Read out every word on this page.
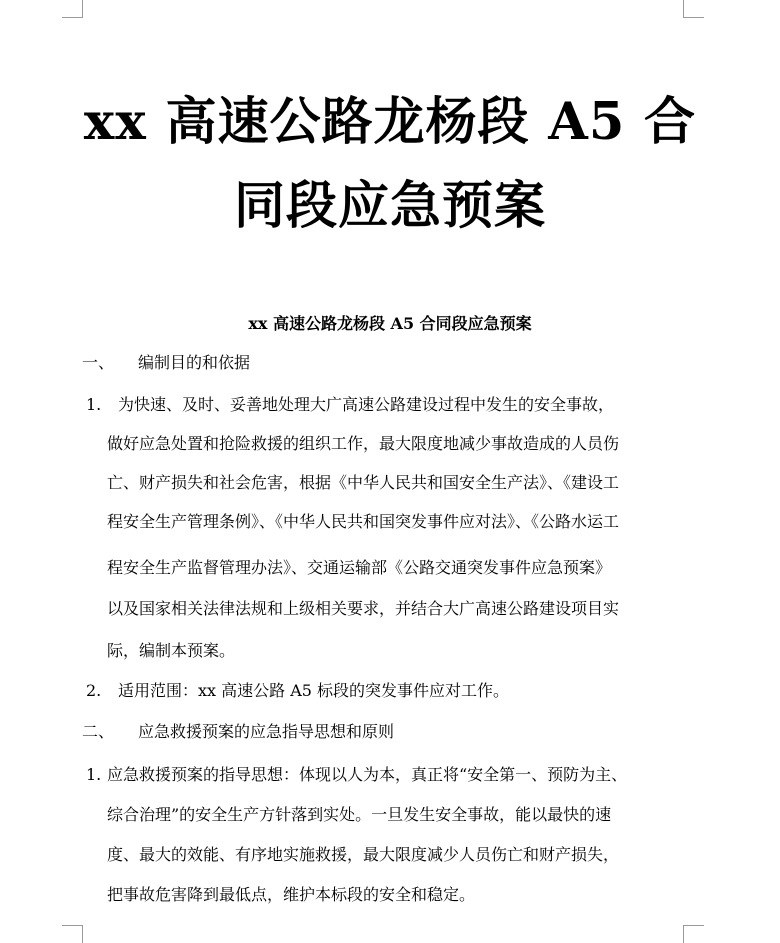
xx 高速公路龙杨段 A5 合
同段应急预案
xx 高速公路龙杨段 A5 合同段应急预案
一、 编制目的和依据
1. 为快速、及时、妥善地处理大广高速公路建设过程中发生的安全事故，
做好应急处置和抢险救援的组织工作，最大限度地减少事故造成的人员伤
亡、财产损失和社会危害，根据《中华人民共和国安全生产法》、《建设工
程安全生产管理条例》、《中华人民共和国突发事件应对法》、《公路水运工
程安全生产监督管理办法》、交通运输部《公路交通突发事件应急预案》
以及国家相关法律法规和上级相关要求，并结合大广高速公路建设项目实
际，编制本预案。
2. 适用范围：xx 高速公路 A5 标段的突发事件应对工作。
二、 应急救援预案的应急指导思想和原则
1. 应急救援预案的指导思想：体现以人为本，真正将“安全第一、预防为主、
综合治理”的安全生产方针落到实处。一旦发生安全事故，能以最快的速
度、最大的效能、有序地实施救援，最大限度减少人员伤亡和财产损失，
把事故危害降到最低点，维护本标段的安全和稳定。
